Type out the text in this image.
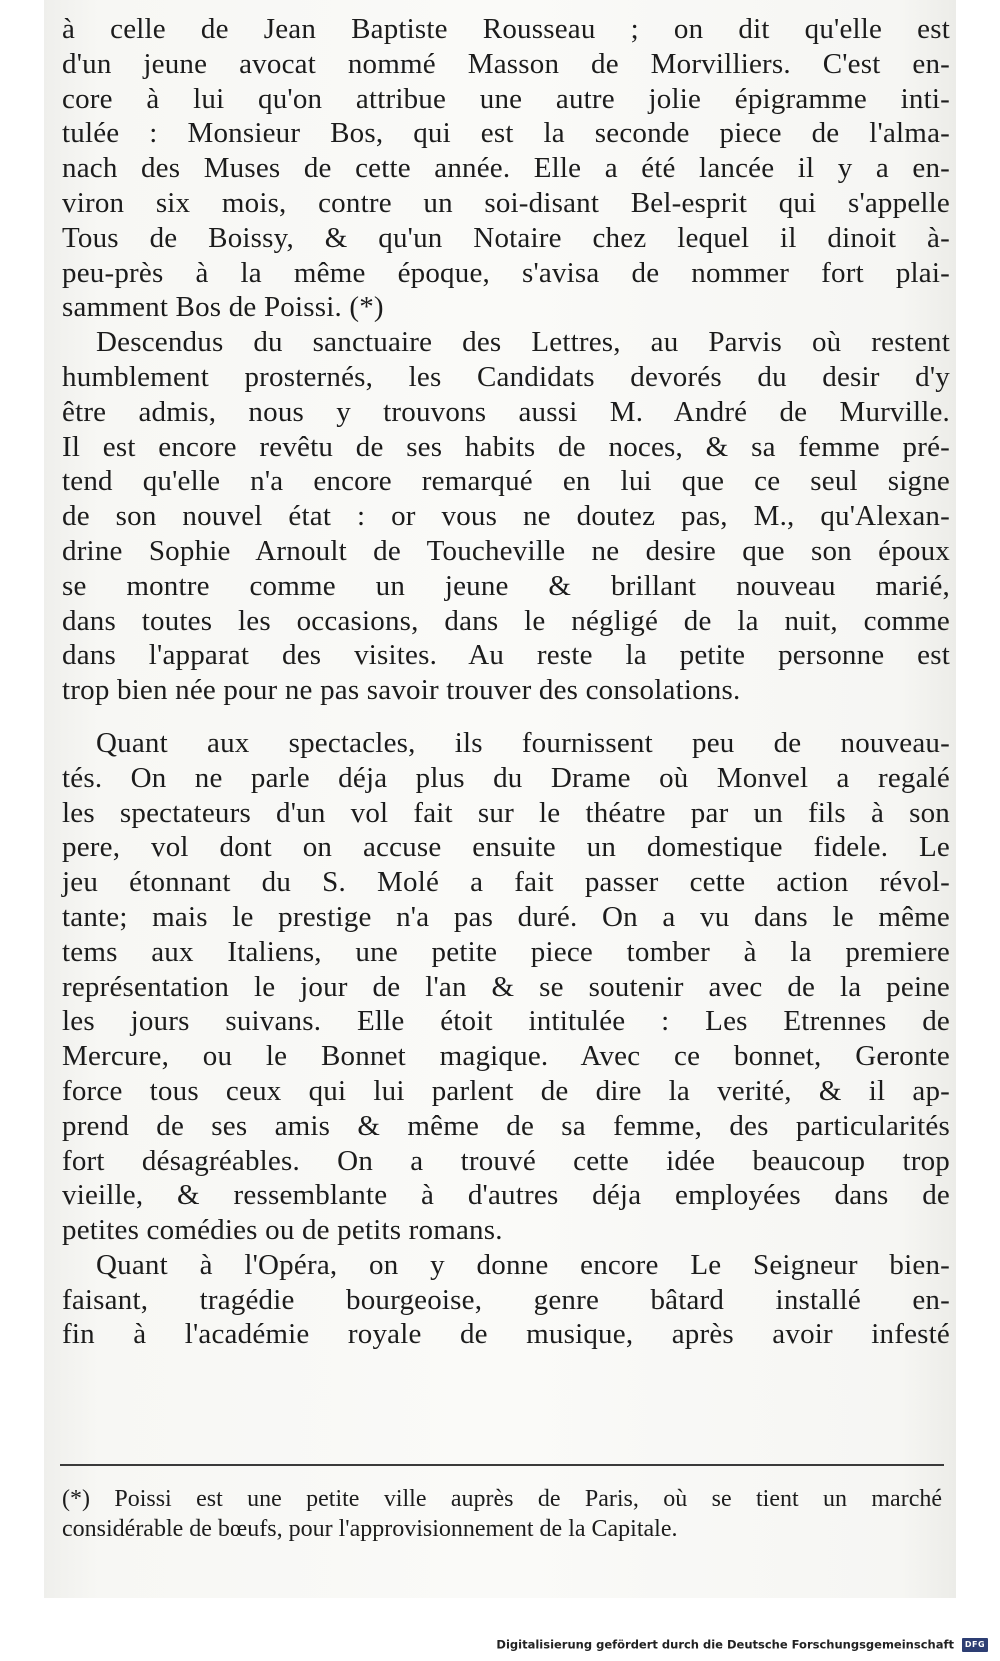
à celle de Jean Baptiste Rousseau ; on dit qu'elle est
d'un jeune avocat nommé Masson de Morvilliers. C'est en-
core à lui qu'on attribue une autre jolie épigramme inti-
tulée : Monsieur Bos, qui est la seconde piece de l'alma-
nach des Muses de cette année. Elle a été lancée il y a en-
viron six mois, contre un soi-disant Bel-esprit qui s'appelle
Tous de Boissy, & qu'un Notaire chez lequel il dinoit à-
peu-près à la même époque, s'avisa de nommer fort plai-
samment Bos de Poissi. (*)
Descendus du sanctuaire des Lettres, au Parvis où restent
humblement prosternés, les Candidats devorés du desir d'y
être admis, nous y trouvons aussi M. André de Murville.
Il est encore revêtu de ses habits de noces, & sa femme pré-
tend qu'elle n'a encore remarqué en lui que ce seul signe
de son nouvel état : or vous ne doutez pas, M., qu'Alexan-
drine Sophie Arnoult de Toucheville ne desire que son époux
se montre comme un jeune & brillant nouveau marié,
dans toutes les occasions, dans le négligé de la nuit, comme
dans l'apparat des visites. Au reste la petite personne est
trop bien née pour ne pas savoir trouver des consolations.
Quant aux spectacles, ils fournissent peu de nouveau-
tés. On ne parle déja plus du Drame où Monvel a regalé
les spectateurs d'un vol fait sur le théatre par un fils à son
pere, vol dont on accuse ensuite un domestique fidele. Le
jeu étonnant du S. Molé a fait passer cette action révol-
tante; mais le prestige n'a pas duré. On a vu dans le même
tems aux Italiens, une petite piece tomber à la premiere
représentation le jour de l'an & se soutenir avec de la peine
les jours suivans. Elle étoit intitulée : Les Etrennes de
Mercure, ou le Bonnet magique. Avec ce bonnet, Geronte
force tous ceux qui lui parlent de dire la verité, & il ap-
prend de ses amis & même de sa femme, des particularités
fort désagréables. On a trouvé cette idée beaucoup trop
vieille, & ressemblante à d'autres déja employées dans de
petites comédies ou de petits romans.
Quant à l'Opéra, on y donne encore Le Seigneur bien-
faisant, tragédie bourgeoise, genre bâtard installé en-
fin à l'académie royale de musique, après avoir infesté
(*) Poissi est une petite ville auprès de Paris, où se tient un marché
considérable de bœufs, pour l'approvisionnement de la Capitale.
Digitalisierung gefördert durch die Deutsche Forschungsgemeinschaft DFG
